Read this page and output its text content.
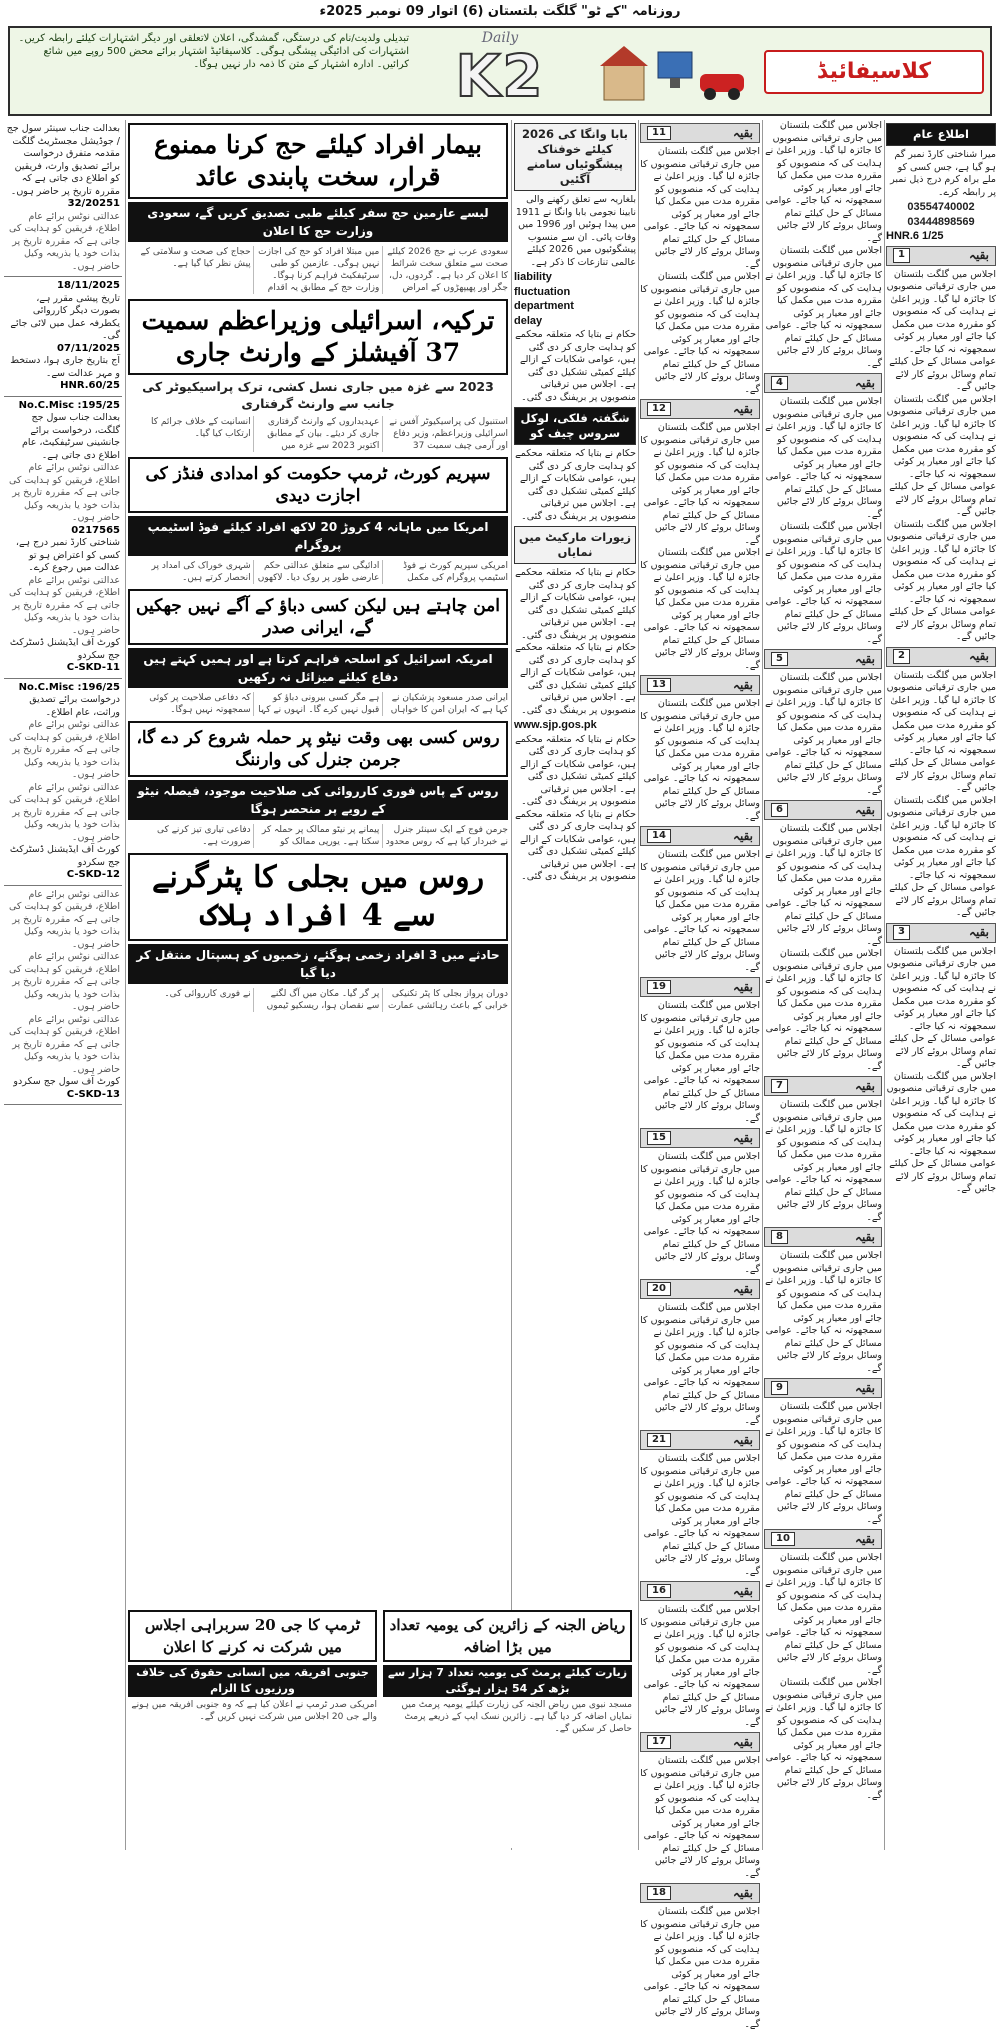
روزنامہ "کے ٹو" گلگت بلتستان (6) اتوار 09 نومبر 2025ء
تبدیلی ولدیت/نام کی درستگی، گمشدگی، اعلان لاتعلقی اور دیگر اشتہارات کیلئے رابطہ کریں۔ اشتہارات کی ادائیگی پیشگی ہوگی۔ کلاسیفائیڈ اشتہار برائے محض 500 روپے میں شائع کرائیں۔ ادارہ اشتہار کے متن کا ذمہ دار نہیں ہوگا۔
Daily
K2	کلاسیفائیڈ
بعدالت جناب سینئر سول جج / جوڈیشل مجسٹریٹ گلگت مقدمہ متفرق درخواست برائے تصدیق وارث، فریقین کو اطلاع دی جاتی ہے کہ مقررہ تاریخ پر حاضر ہوں۔
32/20251
عدالتی نوٹس برائے عام اطلاع، فریقین کو ہدایت کی جاتی ہے کہ مقررہ تاریخ پر بذات خود یا بذریعہ وکیل حاضر ہوں۔
18/11/2025
تاریخ پیشی مقرر ہے، بصورت دیگر کارروائی یکطرفہ عمل میں لائی جائے گی۔
07/11/2025
آج بتاریخ جاری ہوا، دستخط و مہر عدالت سے۔
HNR.60/25
No.C.Misc :195/25
بعدالت جناب سول جج گلگت، درخواست برائے جانشینی سرٹیفکیٹ، عام اطلاع دی جاتی ہے۔
عدالتی نوٹس برائے عام اطلاع، فریقین کو ہدایت کی جاتی ہے کہ مقررہ تاریخ پر بذات خود یا بذریعہ وکیل حاضر ہوں۔
0217565
شناختی کارڈ نمبر درج ہے، کسی کو اعتراض ہو تو عدالت میں رجوع کرے۔
عدالتی نوٹس برائے عام اطلاع، فریقین کو ہدایت کی جاتی ہے کہ مقررہ تاریخ پر بذات خود یا بذریعہ وکیل حاضر ہوں۔
کورٹ آف ایڈیشنل ڈسٹرکٹ جج سکردو
C-SKD-11
No.C.Misc :196/25
درخواست برائے تصدیق وراثت، عام اطلاع۔
عدالتی نوٹس برائے عام اطلاع، فریقین کو ہدایت کی جاتی ہے کہ مقررہ تاریخ پر بذات خود یا بذریعہ وکیل حاضر ہوں۔
عدالتی نوٹس برائے عام اطلاع، فریقین کو ہدایت کی جاتی ہے کہ مقررہ تاریخ پر بذات خود یا بذریعہ وکیل حاضر ہوں۔
کورٹ آف ایڈیشنل ڈسٹرکٹ جج سکردو
C-SKD-12
عدالتی نوٹس برائے عام اطلاع، فریقین کو ہدایت کی جاتی ہے کہ مقررہ تاریخ پر بذات خود یا بذریعہ وکیل حاضر ہوں۔
عدالتی نوٹس برائے عام اطلاع، فریقین کو ہدایت کی جاتی ہے کہ مقررہ تاریخ پر بذات خود یا بذریعہ وکیل حاضر ہوں۔
عدالتی نوٹس برائے عام اطلاع، فریقین کو ہدایت کی جاتی ہے کہ مقررہ تاریخ پر بذات خود یا بذریعہ وکیل حاضر ہوں۔
کورٹ آف سول جج سکردو
C-SKD-13
بیمار افراد کیلئے حج کرنا ممنوع قرار، سخت پابندی عائد
لیسے عازمین حج سفر کیلئے طبی تصدیق کریں گے، سعودی وزارت حج کا اعلان
سعودی عرب نے حج 2026 کیلئے صحت سے متعلق سخت شرائط کا اعلان کر دیا ہے۔ گردوں، دل، جگر اور پھیپھڑوں کے امراض میں مبتلا افراد کو حج کی اجازت نہیں ہوگی۔ عازمین کو طبی سرٹیفکیٹ فراہم کرنا ہوگا۔ وزارت حج کے مطابق یہ اقدام حجاج کی صحت و سلامتی کے پیش نظر کیا گیا ہے۔
ترکیہ، اسرائیلی وزیراعظم سمیت 37 آفیشلز کے وارنٹ جاری
2023 سے غزہ میں جاری نسل کشی، ترک پراسیکیوٹر کی جانب سے وارنٹ گرفتاری
استنبول کی پراسیکیوٹر آفس نے اسرائیلی وزیراعظم، وزیر دفاع اور آرمی چیف سمیت 37 عہدیداروں کے وارنٹ گرفتاری جاری کر دیئے۔ بیان کے مطابق اکتوبر 2023 سے غزہ میں انسانیت کے خلاف جرائم کا ارتکاب کیا گیا۔
سپریم کورٹ، ٹرمپ حکومت کو امدادی فنڈز کی اجازت دیدی
امریکا میں ماہانہ 4 کروڑ 20 لاکھ افراد کیلئے فوڈ اسٹیمپ پروگرام
امریکی سپریم کورٹ نے فوڈ اسٹیمپ پروگرام کی مکمل ادائیگی سے متعلق عدالتی حکم عارضی طور پر روک دیا۔ لاکھوں شہری خوراک کی امداد پر انحصار کرتے ہیں۔
امن چاہتے ہیں لیکن کسی دباؤ کے آگے نہیں جھکیں گے، ایرانی صدر
امریکہ اسرائیل کو اسلحہ فراہم کرتا ہے اور ہمیں کہتے ہیں دفاع کیلئے میزائل نہ رکھیں
ایرانی صدر مسعود پزشکیان نے کہا ہے کہ ایران امن کا خواہاں ہے مگر کسی بیرونی دباؤ کو قبول نہیں کرے گا۔ انہوں نے کہا کہ دفاعی صلاحیت پر کوئی سمجھوتہ نہیں ہوگا۔
روس کسی بھی وقت نیٹو پر حملہ شروع کر دے گا، جرمن جنرل کی وارننگ
روس کے پاس فوری کارروائی کی صلاحیت موجود، فیصلہ نیٹو کے رویے پر منحصر ہوگا
جرمن فوج کے ایک سینئر جنرل نے خبردار کیا ہے کہ روس محدود پیمانے پر نیٹو ممالک پر حملہ کر سکتا ہے۔ یورپی ممالک کو دفاعی تیاری تیز کرنے کی ضرورت ہے۔
روس میں بجلی کا پٹرگرنے سے 4 افراد ہلاک
حادثے میں 3 افراد زخمی ہوگئے، زخمیوں کو ہسپتال منتقل کر دیا گیا
دوران پرواز بجلی کا پٹر تکنیکی خرابی کے باعث رہائشی عمارت پر گر گیا۔ مکان میں آگ لگنے سے نقصان ہوا، ریسکیو ٹیموں نے فوری کارروائی کی۔
بابا وانگا کی 2026 کیلئے خوفناک پیشگوئیاں سامنے آگئیں
بلغاریہ سے تعلق رکھنے والی نابینا نجومی بابا وانگا نے 1911 میں پیدا ہوئیں اور 1996 میں وفات پائی۔ ان سے منسوب پیشگوئیوں میں 2026 کیلئے عالمی تنازعات کا ذکر ہے۔
liability
fluctuation
department
delay
حکام نے بتایا کہ متعلقہ محکمے کو ہدایت جاری کر دی گئی ہیں، عوامی شکایات کے ازالے کیلئے کمیٹی تشکیل دی گئی ہے۔ اجلاس میں ترقیاتی منصوبوں پر بریفنگ دی گئی۔
شگفتہ فلکی، لوکل سروس چیف کو
حکام نے بتایا کہ متعلقہ محکمے کو ہدایت جاری کر دی گئی ہیں، عوامی شکایات کے ازالے کیلئے کمیٹی تشکیل دی گئی ہے۔ اجلاس میں ترقیاتی منصوبوں پر بریفنگ دی گئی۔
زیورات مارکیٹ میں نمایاں
حکام نے بتایا کہ متعلقہ محکمے کو ہدایت جاری کر دی گئی ہیں، عوامی شکایات کے ازالے کیلئے کمیٹی تشکیل دی گئی ہے۔ اجلاس میں ترقیاتی منصوبوں پر بریفنگ دی گئی۔
حکام نے بتایا کہ متعلقہ محکمے کو ہدایت جاری کر دی گئی ہیں، عوامی شکایات کے ازالے کیلئے کمیٹی تشکیل دی گئی ہے۔ اجلاس میں ترقیاتی منصوبوں پر بریفنگ دی گئی۔
www.sjp.gos.pk
حکام نے بتایا کہ متعلقہ محکمے کو ہدایت جاری کر دی گئی ہیں، عوامی شکایات کے ازالے کیلئے کمیٹی تشکیل دی گئی ہے۔ اجلاس میں ترقیاتی منصوبوں پر بریفنگ دی گئی۔
حکام نے بتایا کہ متعلقہ محکمے کو ہدایت جاری کر دی گئی ہیں، عوامی شکایات کے ازالے کیلئے کمیٹی تشکیل دی گئی ہے۔ اجلاس میں ترقیاتی منصوبوں پر بریفنگ دی گئی۔
بقیہ
11
اجلاس میں گلگت بلتستان میں جاری ترقیاتی منصوبوں کا جائزہ لیا گیا۔ وزیر اعلیٰ نے ہدایت کی کہ منصوبوں کو مقررہ مدت میں مکمل کیا جائے اور معیار پر کوئی سمجھوتہ نہ کیا جائے۔ عوامی مسائل کے حل کیلئے تمام وسائل بروئے کار لائے جائیں گے۔
اجلاس میں گلگت بلتستان میں جاری ترقیاتی منصوبوں کا جائزہ لیا گیا۔ وزیر اعلیٰ نے ہدایت کی کہ منصوبوں کو مقررہ مدت میں مکمل کیا جائے اور معیار پر کوئی سمجھوتہ نہ کیا جائے۔ عوامی مسائل کے حل کیلئے تمام وسائل بروئے کار لائے جائیں گے۔
بقیہ
12
اجلاس میں گلگت بلتستان میں جاری ترقیاتی منصوبوں کا جائزہ لیا گیا۔ وزیر اعلیٰ نے ہدایت کی کہ منصوبوں کو مقررہ مدت میں مکمل کیا جائے اور معیار پر کوئی سمجھوتہ نہ کیا جائے۔ عوامی مسائل کے حل کیلئے تمام وسائل بروئے کار لائے جائیں گے۔
اجلاس میں گلگت بلتستان میں جاری ترقیاتی منصوبوں کا جائزہ لیا گیا۔ وزیر اعلیٰ نے ہدایت کی کہ منصوبوں کو مقررہ مدت میں مکمل کیا جائے اور معیار پر کوئی سمجھوتہ نہ کیا جائے۔ عوامی مسائل کے حل کیلئے تمام وسائل بروئے کار لائے جائیں گے۔
بقیہ
13
اجلاس میں گلگت بلتستان میں جاری ترقیاتی منصوبوں کا جائزہ لیا گیا۔ وزیر اعلیٰ نے ہدایت کی کہ منصوبوں کو مقررہ مدت میں مکمل کیا جائے اور معیار پر کوئی سمجھوتہ نہ کیا جائے۔ عوامی مسائل کے حل کیلئے تمام وسائل بروئے کار لائے جائیں گے۔
بقیہ
14
اجلاس میں گلگت بلتستان میں جاری ترقیاتی منصوبوں کا جائزہ لیا گیا۔ وزیر اعلیٰ نے ہدایت کی کہ منصوبوں کو مقررہ مدت میں مکمل کیا جائے اور معیار پر کوئی سمجھوتہ نہ کیا جائے۔ عوامی مسائل کے حل کیلئے تمام وسائل بروئے کار لائے جائیں گے۔
بقیہ
19
اجلاس میں گلگت بلتستان میں جاری ترقیاتی منصوبوں کا جائزہ لیا گیا۔ وزیر اعلیٰ نے ہدایت کی کہ منصوبوں کو مقررہ مدت میں مکمل کیا جائے اور معیار پر کوئی سمجھوتہ نہ کیا جائے۔ عوامی مسائل کے حل کیلئے تمام وسائل بروئے کار لائے جائیں گے۔
بقیہ
15
اجلاس میں گلگت بلتستان میں جاری ترقیاتی منصوبوں کا جائزہ لیا گیا۔ وزیر اعلیٰ نے ہدایت کی کہ منصوبوں کو مقررہ مدت میں مکمل کیا جائے اور معیار پر کوئی سمجھوتہ نہ کیا جائے۔ عوامی مسائل کے حل کیلئے تمام وسائل بروئے کار لائے جائیں گے۔
بقیہ
20
اجلاس میں گلگت بلتستان میں جاری ترقیاتی منصوبوں کا جائزہ لیا گیا۔ وزیر اعلیٰ نے ہدایت کی کہ منصوبوں کو مقررہ مدت میں مکمل کیا جائے اور معیار پر کوئی سمجھوتہ نہ کیا جائے۔ عوامی مسائل کے حل کیلئے تمام وسائل بروئے کار لائے جائیں گے۔
بقیہ
21
اجلاس میں گلگت بلتستان میں جاری ترقیاتی منصوبوں کا جائزہ لیا گیا۔ وزیر اعلیٰ نے ہدایت کی کہ منصوبوں کو مقررہ مدت میں مکمل کیا جائے اور معیار پر کوئی سمجھوتہ نہ کیا جائے۔ عوامی مسائل کے حل کیلئے تمام وسائل بروئے کار لائے جائیں گے۔
بقیہ
16
اجلاس میں گلگت بلتستان میں جاری ترقیاتی منصوبوں کا جائزہ لیا گیا۔ وزیر اعلیٰ نے ہدایت کی کہ منصوبوں کو مقررہ مدت میں مکمل کیا جائے اور معیار پر کوئی سمجھوتہ نہ کیا جائے۔ عوامی مسائل کے حل کیلئے تمام وسائل بروئے کار لائے جائیں گے۔
بقیہ
17
اجلاس میں گلگت بلتستان میں جاری ترقیاتی منصوبوں کا جائزہ لیا گیا۔ وزیر اعلیٰ نے ہدایت کی کہ منصوبوں کو مقررہ مدت میں مکمل کیا جائے اور معیار پر کوئی سمجھوتہ نہ کیا جائے۔ عوامی مسائل کے حل کیلئے تمام وسائل بروئے کار لائے جائیں گے۔
بقیہ
18
اجلاس میں گلگت بلتستان میں جاری ترقیاتی منصوبوں کا جائزہ لیا گیا۔ وزیر اعلیٰ نے ہدایت کی کہ منصوبوں کو مقررہ مدت میں مکمل کیا جائے اور معیار پر کوئی سمجھوتہ نہ کیا جائے۔ عوامی مسائل کے حل کیلئے تمام وسائل بروئے کار لائے جائیں گے۔
اجلاس میں گلگت بلتستان میں جاری ترقیاتی منصوبوں کا جائزہ لیا گیا۔ وزیر اعلیٰ نے ہدایت کی کہ منصوبوں کو مقررہ مدت میں مکمل کیا جائے اور معیار پر کوئی سمجھوتہ نہ کیا جائے۔ عوامی مسائل کے حل کیلئے تمام وسائل بروئے کار لائے جائیں گے۔
اجلاس میں گلگت بلتستان میں جاری ترقیاتی منصوبوں کا جائزہ لیا گیا۔ وزیر اعلیٰ نے ہدایت کی کہ منصوبوں کو مقررہ مدت میں مکمل کیا جائے اور معیار پر کوئی سمجھوتہ نہ کیا جائے۔ عوامی مسائل کے حل کیلئے تمام وسائل بروئے کار لائے جائیں گے۔
بقیہ
4
اجلاس میں گلگت بلتستان میں جاری ترقیاتی منصوبوں کا جائزہ لیا گیا۔ وزیر اعلیٰ نے ہدایت کی کہ منصوبوں کو مقررہ مدت میں مکمل کیا جائے اور معیار پر کوئی سمجھوتہ نہ کیا جائے۔ عوامی مسائل کے حل کیلئے تمام وسائل بروئے کار لائے جائیں گے۔
اجلاس میں گلگت بلتستان میں جاری ترقیاتی منصوبوں کا جائزہ لیا گیا۔ وزیر اعلیٰ نے ہدایت کی کہ منصوبوں کو مقررہ مدت میں مکمل کیا جائے اور معیار پر کوئی سمجھوتہ نہ کیا جائے۔ عوامی مسائل کے حل کیلئے تمام وسائل بروئے کار لائے جائیں گے۔
بقیہ
5
اجلاس میں گلگت بلتستان میں جاری ترقیاتی منصوبوں کا جائزہ لیا گیا۔ وزیر اعلیٰ نے ہدایت کی کہ منصوبوں کو مقررہ مدت میں مکمل کیا جائے اور معیار پر کوئی سمجھوتہ نہ کیا جائے۔ عوامی مسائل کے حل کیلئے تمام وسائل بروئے کار لائے جائیں گے۔
بقیہ
6
اجلاس میں گلگت بلتستان میں جاری ترقیاتی منصوبوں کا جائزہ لیا گیا۔ وزیر اعلیٰ نے ہدایت کی کہ منصوبوں کو مقررہ مدت میں مکمل کیا جائے اور معیار پر کوئی سمجھوتہ نہ کیا جائے۔ عوامی مسائل کے حل کیلئے تمام وسائل بروئے کار لائے جائیں گے۔
اجلاس میں گلگت بلتستان میں جاری ترقیاتی منصوبوں کا جائزہ لیا گیا۔ وزیر اعلیٰ نے ہدایت کی کہ منصوبوں کو مقررہ مدت میں مکمل کیا جائے اور معیار پر کوئی سمجھوتہ نہ کیا جائے۔ عوامی مسائل کے حل کیلئے تمام وسائل بروئے کار لائے جائیں گے۔
بقیہ
7
اجلاس میں گلگت بلتستان میں جاری ترقیاتی منصوبوں کا جائزہ لیا گیا۔ وزیر اعلیٰ نے ہدایت کی کہ منصوبوں کو مقررہ مدت میں مکمل کیا جائے اور معیار پر کوئی سمجھوتہ نہ کیا جائے۔ عوامی مسائل کے حل کیلئے تمام وسائل بروئے کار لائے جائیں گے۔
بقیہ
8
اجلاس میں گلگت بلتستان میں جاری ترقیاتی منصوبوں کا جائزہ لیا گیا۔ وزیر اعلیٰ نے ہدایت کی کہ منصوبوں کو مقررہ مدت میں مکمل کیا جائے اور معیار پر کوئی سمجھوتہ نہ کیا جائے۔ عوامی مسائل کے حل کیلئے تمام وسائل بروئے کار لائے جائیں گے۔
بقیہ
9
اجلاس میں گلگت بلتستان میں جاری ترقیاتی منصوبوں کا جائزہ لیا گیا۔ وزیر اعلیٰ نے ہدایت کی کہ منصوبوں کو مقررہ مدت میں مکمل کیا جائے اور معیار پر کوئی سمجھوتہ نہ کیا جائے۔ عوامی مسائل کے حل کیلئے تمام وسائل بروئے کار لائے جائیں گے۔
بقیہ
10
اجلاس میں گلگت بلتستان میں جاری ترقیاتی منصوبوں کا جائزہ لیا گیا۔ وزیر اعلیٰ نے ہدایت کی کہ منصوبوں کو مقررہ مدت میں مکمل کیا جائے اور معیار پر کوئی سمجھوتہ نہ کیا جائے۔ عوامی مسائل کے حل کیلئے تمام وسائل بروئے کار لائے جائیں گے۔
اجلاس میں گلگت بلتستان میں جاری ترقیاتی منصوبوں کا جائزہ لیا گیا۔ وزیر اعلیٰ نے ہدایت کی کہ منصوبوں کو مقررہ مدت میں مکمل کیا جائے اور معیار پر کوئی سمجھوتہ نہ کیا جائے۔ عوامی مسائل کے حل کیلئے تمام وسائل بروئے کار لائے جائیں گے۔
اطلاع عام
میرا شناختی کارڈ نمبر گم ہو گیا ہے، جس کسی کو ملے براہ کرم درج ذیل نمبر پر رابطہ کرے۔
03554740002
03444898569
HNR.6 1/25
بقیہ
1
اجلاس میں گلگت بلتستان میں جاری ترقیاتی منصوبوں کا جائزہ لیا گیا۔ وزیر اعلیٰ نے ہدایت کی کہ منصوبوں کو مقررہ مدت میں مکمل کیا جائے اور معیار پر کوئی سمجھوتہ نہ کیا جائے۔ عوامی مسائل کے حل کیلئے تمام وسائل بروئے کار لائے جائیں گے۔
اجلاس میں گلگت بلتستان میں جاری ترقیاتی منصوبوں کا جائزہ لیا گیا۔ وزیر اعلیٰ نے ہدایت کی کہ منصوبوں کو مقررہ مدت میں مکمل کیا جائے اور معیار پر کوئی سمجھوتہ نہ کیا جائے۔ عوامی مسائل کے حل کیلئے تمام وسائل بروئے کار لائے جائیں گے۔
اجلاس میں گلگت بلتستان میں جاری ترقیاتی منصوبوں کا جائزہ لیا گیا۔ وزیر اعلیٰ نے ہدایت کی کہ منصوبوں کو مقررہ مدت میں مکمل کیا جائے اور معیار پر کوئی سمجھوتہ نہ کیا جائے۔ عوامی مسائل کے حل کیلئے تمام وسائل بروئے کار لائے جائیں گے۔
بقیہ
2
اجلاس میں گلگت بلتستان میں جاری ترقیاتی منصوبوں کا جائزہ لیا گیا۔ وزیر اعلیٰ نے ہدایت کی کہ منصوبوں کو مقررہ مدت میں مکمل کیا جائے اور معیار پر کوئی سمجھوتہ نہ کیا جائے۔ عوامی مسائل کے حل کیلئے تمام وسائل بروئے کار لائے جائیں گے۔
اجلاس میں گلگت بلتستان میں جاری ترقیاتی منصوبوں کا جائزہ لیا گیا۔ وزیر اعلیٰ نے ہدایت کی کہ منصوبوں کو مقررہ مدت میں مکمل کیا جائے اور معیار پر کوئی سمجھوتہ نہ کیا جائے۔ عوامی مسائل کے حل کیلئے تمام وسائل بروئے کار لائے جائیں گے۔
بقیہ
3
اجلاس میں گلگت بلتستان میں جاری ترقیاتی منصوبوں کا جائزہ لیا گیا۔ وزیر اعلیٰ نے ہدایت کی کہ منصوبوں کو مقررہ مدت میں مکمل کیا جائے اور معیار پر کوئی سمجھوتہ نہ کیا جائے۔ عوامی مسائل کے حل کیلئے تمام وسائل بروئے کار لائے جائیں گے۔
اجلاس میں گلگت بلتستان میں جاری ترقیاتی منصوبوں کا جائزہ لیا گیا۔ وزیر اعلیٰ نے ہدایت کی کہ منصوبوں کو مقررہ مدت میں مکمل کیا جائے اور معیار پر کوئی سمجھوتہ نہ کیا جائے۔ عوامی مسائل کے حل کیلئے تمام وسائل بروئے کار لائے جائیں گے۔
ریاض الجنہ کے زائرین کی یومیہ تعداد میں بڑا اضافہ
زیارت کیلئے پرمٹ کی یومیہ تعداد 7 ہزار سے بڑھ کر 54 ہزار ہوگئی
مسجد نبوی میں ریاض الجنہ کی زیارت کیلئے یومیہ پرمٹ میں نمایاں اضافہ کر دیا گیا ہے۔ زائرین نسک ایپ کے ذریعے پرمٹ حاصل کر سکیں گے۔
ٹرمپ کا جی 20 سربراہی اجلاس میں شرکت نہ کرنے کا اعلان
جنوبی افریقہ میں انسانی حقوق کی خلاف ورزیوں کا الزام
امریکی صدر ٹرمپ نے اعلان کیا ہے کہ وہ جنوبی افریقہ میں ہونے والے جی 20 اجلاس میں شرکت نہیں کریں گے۔
